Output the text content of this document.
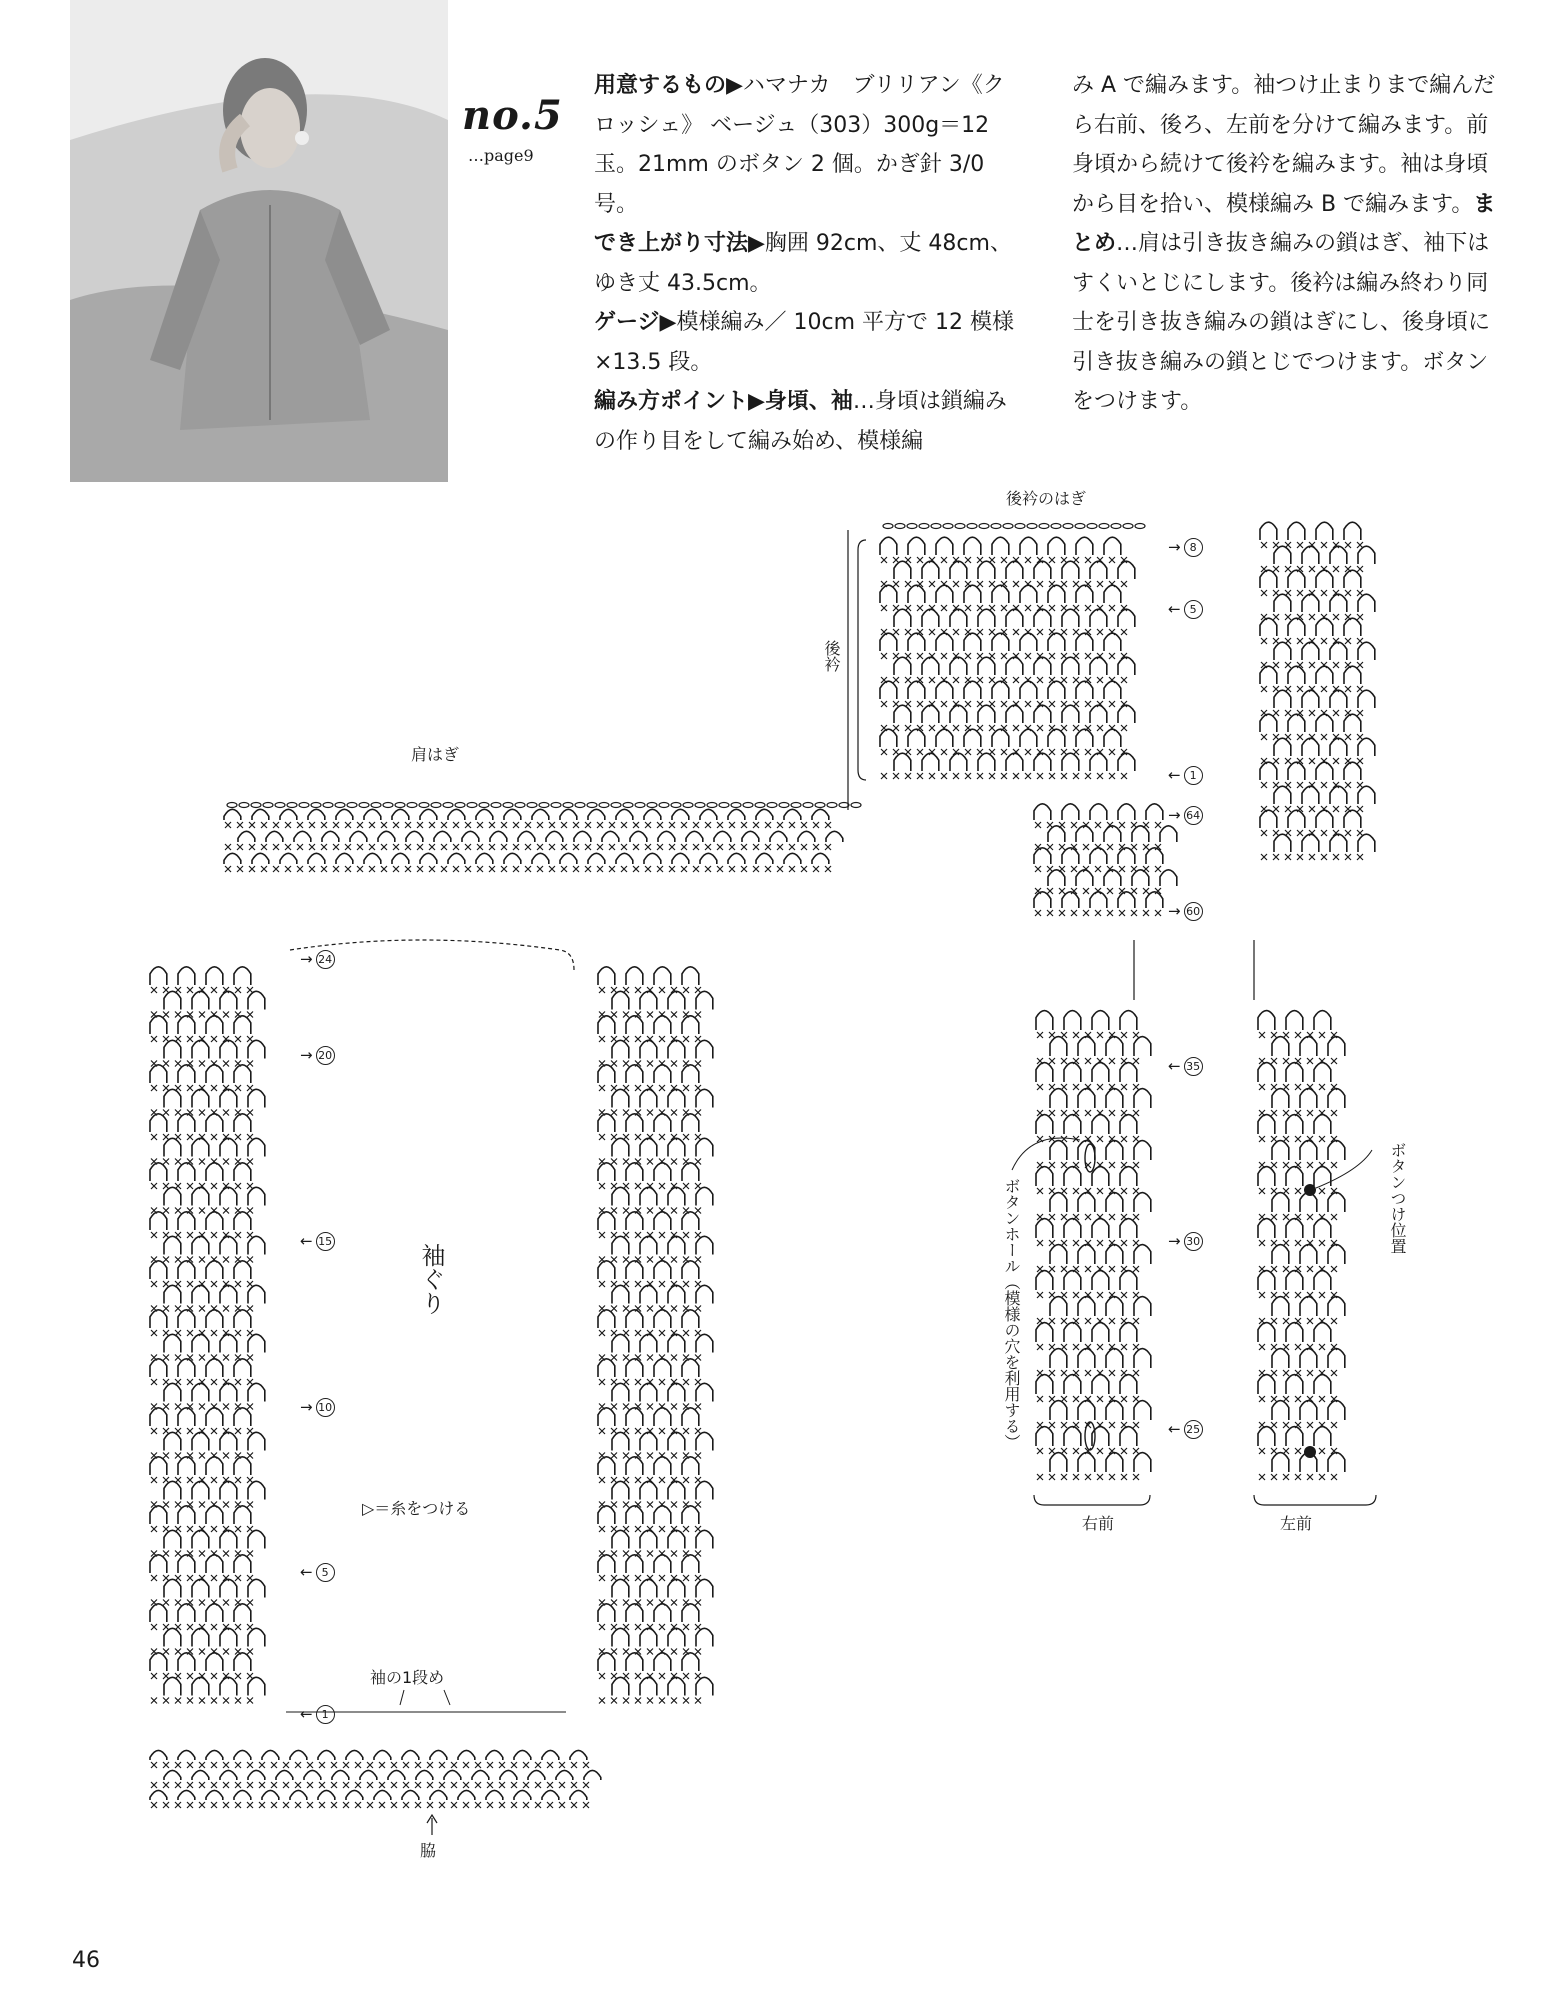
no.5
…page9

用意するもの▶ハマナカ　ブリリアン《クロッシェ》 ベージュ（303）300g＝12 玉。21mm のボタン 2 個。かぎ針 3/0 号。

でき上がり寸法▶胸囲 92cm、丈 48cm、ゆき丈 43.5cm。

ゲージ▶模様編み／ 10cm 平方で 12 模様 ×13.5 段。

編み方ポイント▶身頃、袖…身頃は鎖編みの作り目をして編み始め、模様編

み A で編みます。袖つけ止まりまで編んだら右前、後ろ、左前を分けて編みます。前身頃から続けて後衿を編みます。袖は身頃から目を拾い、模様編み B で編みます。まとめ…肩は引き抜き編みの鎖はぎ、袖下はすくいとじにします。後衿は編み終わり同士を引き抜き編みの鎖はぎにし、後身頃に引き抜き編みの鎖とじでつけます。ボタンをつけます。

後衿のはぎ
後衿
肩はぎ
袖ぐり
▷＝糸をつける
袖の1段め
脇
右前	左前
ボタンホール（模様の穴を利用する）	ボタンつけ位置
→ 8
← 5
← 1
→ 64
→ 60
← 35
→ 30
← 25
→ 24
→ 20
← 15
→ 10
← 5
← 1
46
